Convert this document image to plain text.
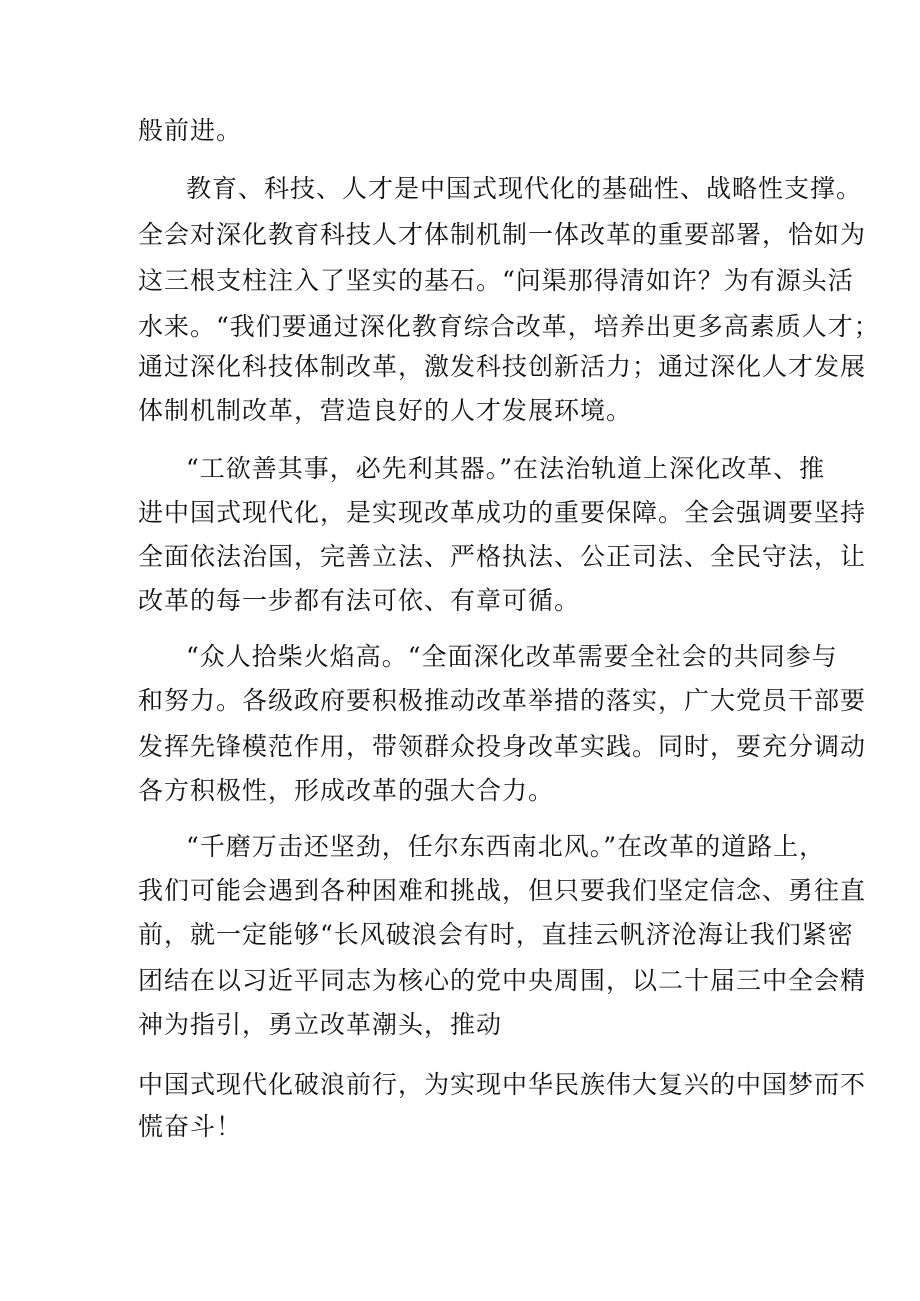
般前进。
教育、科技、人才是中国式现代化的基础性、战略性支撑。
全会对深化教育科技人才体制机制一体改革的重要部署，恰如为
这三根支柱注入了坚实的基石。“问渠那得清如许？为有源头活
水来。“我们要通过深化教育综合改革，培养出更多高素质人才；
通过深化科技体制改革，激发科技创新活力；通过深化人才发展
体制机制改革，营造良好的人才发展环境。
“工欲善其事，必先利其器。”在法治轨道上深化改革、推
进中国式现代化，是实现改革成功的重要保障。全会强调要坚持
全面依法治国，完善立法、严格执法、公正司法、全民守法，让
改革的每一步都有法可依、有章可循。
“众人拾柴火焰高。“全面深化改革需要全社会的共同参与
和努力。各级政府要积极推动改革举措的落实，广大党员干部要
发挥先锋模范作用，带领群众投身改革实践。同时，要充分调动
各方积极性，形成改革的强大合力。
“千磨万击还坚劲，任尔东西南北风。”在改革的道路上，
我们可能会遇到各种困难和挑战，但只要我们坚定信念、勇往直
前，就一定能够“长风破浪会有时，直挂云帆济沧海让我们紧密
团结在以习近平同志为核心的党中央周围，以二十届三中全会精
神为指引，勇立改革潮头，推动
中国式现代化破浪前行，为实现中华民族伟大复兴的中国梦而不
慌奋斗！
